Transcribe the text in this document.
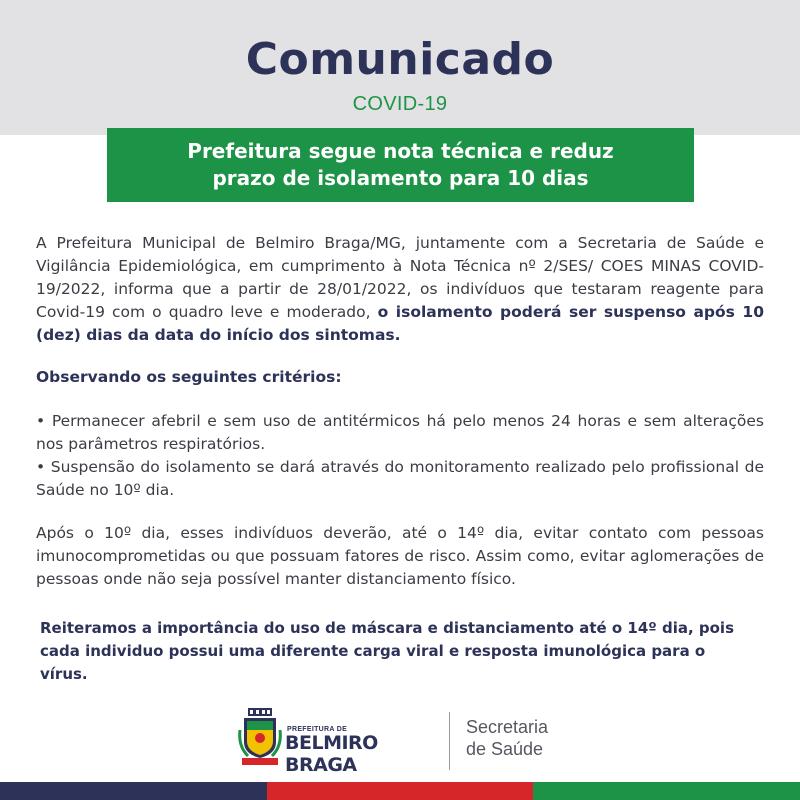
Comunicado
COVID-19
Prefeitura segue nota técnica e reduz
prazo de isolamento para 10 dias
A Prefeitura Municipal de Belmiro Braga/MG, juntamente com a Secretaria de Saúde e Vigilância Epidemiológica, em cumprimento à Nota Técnica nº 2/SES/ COES MINAS COVID-19/2022, informa que a partir de 28/01/2022, os indivíduos que testaram reagente para Covid-19 com o quadro leve e moderado, o isolamento poderá ser suspenso após 10 (dez) dias da data do início dos sintomas.
Observando os seguintes critérios:
• Permanecer afebril e sem uso de antitérmicos há pelo menos 24 horas e sem alterações nos parâmetros respiratórios.
• Suspensão do isolamento se dará através do monitoramento realizado pelo profissional de Saúde no 10º dia.
Após o 10º dia, esses indivíduos deverão, até o 14º dia, evitar contato com pessoas imunocomprometidas ou que possuam fatores de risco. Assim como, evitar aglomerações de pessoas onde não seja possível manter distanciamento físico.
Reiteramos a importância do uso de máscara e distanciamento até o 14º dia, pois cada individuo possui uma diferente carga viral e resposta imunológica para o vírus.
PREFEITURA DE
BELMIRO BRAGA
Secretaria
de Saúde
